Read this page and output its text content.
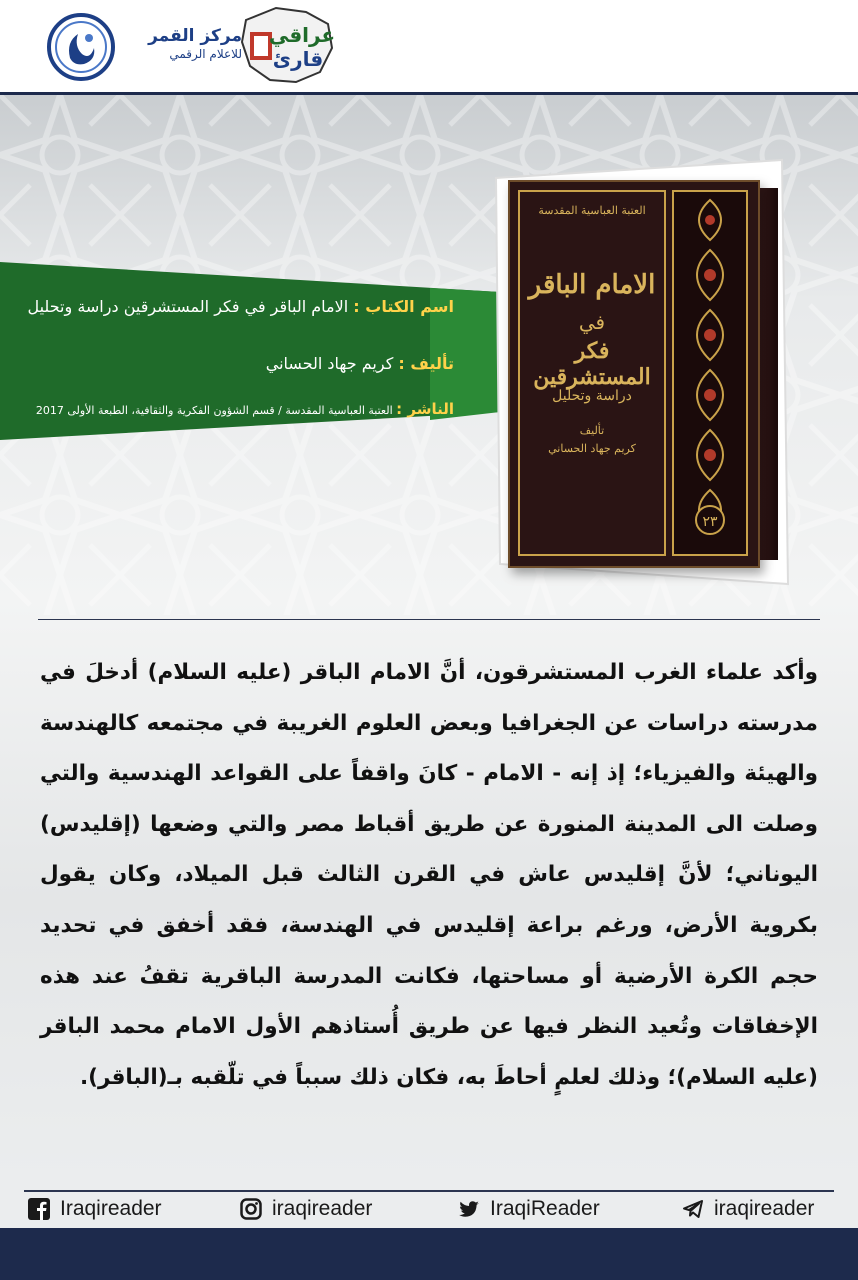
مركز القمر
للاعلام الرقمي
عراقي
قارئ
اسم الكتاب : الامام الباقر في فكر المستشرقين دراسة وتحليل
تأليف : كريم جهاد الحساني
الناشر : العتبة العباسية المقدسة / قسم الشؤون الفكرية والثقافية، الطبعة الأولى 2017
العتبة العباسية المقدسة
الامام الباقر
في
فكر المستشرقين
دراسة وتحليل
تأليف
كريم جهاد الحساني
٢٣
وأكد علماء الغرب المستشرقون، أنَّ الامام الباقر (عليه السلام) أدخلَ في مدرسته دراسات عن الجغرافيا وبعض العلوم الغريبة في مجتمعه كالهندسة والهيئة والفيزياء؛ إذ إنه - الامام - كانَ واقفاً على القواعد الهندسية والتي وصلت الى المدينة المنورة عن طريق أقباط مصر والتي وضعها (إقليدس) اليوناني؛ لأنَّ إقليدس عاش في القرن الثالث قبل الميلاد، وكان يقول بكروية الأرض، ورغم براعة إقليدس في الهندسة، فقد أخفق في تحديد حجم الكرة الأرضية أو مساحتها، فكانت المدرسة الباقرية تقفُ عند هذه الإخفاقات وتُعيد النظر فيها عن طريق أُستاذهم الأول الامام محمد الباقر (عليه السلام)؛ وذلك لعلمٍ أحاطَ به، فكان ذلك سبباً في تلّقبه بـ(الباقر).
Iraqireader	iraqireader	IraqiReader	iraqireader
